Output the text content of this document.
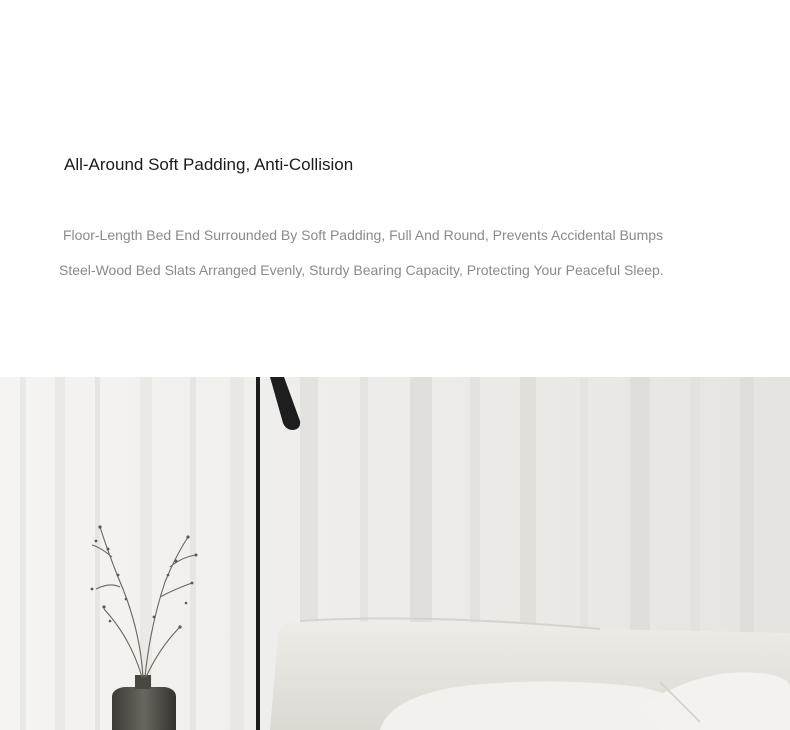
All-Around Soft Padding, Anti-Collision
Floor-Length Bed End Surrounded By Soft Padding, Full And Round, Prevents Accidental Bumps
Steel-Wood Bed Slats Arranged Evenly, Sturdy Bearing Capacity, Protecting Your Peaceful Sleep.
